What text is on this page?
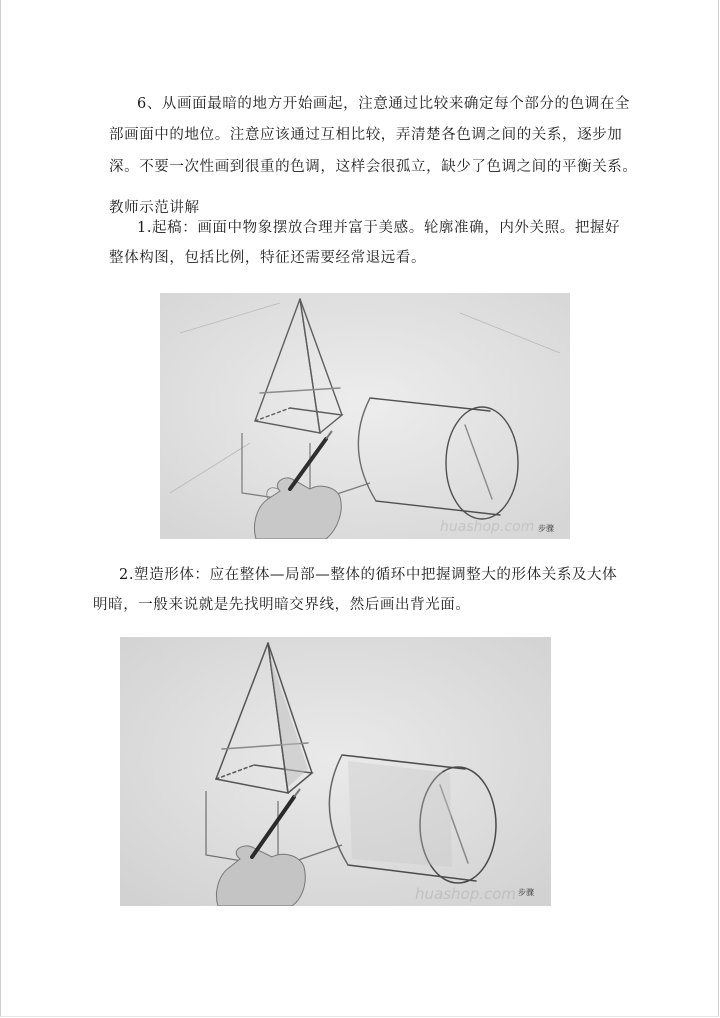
6、从画面最暗的地方开始画起，注意通过比较来确定每个部分的色调在全

部画面中的地位。注意应该通过互相比较，弄清楚各色调之间的关系，逐步加

深。不要一次性画到很重的色调，这样会很孤立，缺少了色调之间的平衡关系。

教师示范讲解

1.起稿：画面中物象摆放合理并富于美感。轮廓准确，内外关照。把握好

整体构图，包括比例，特征还需要经常退远看。

huashop.com 步骤

2.塑造形体：应在整体—局部—整体的循环中把握调整大的形体关系及大体

明暗，一般来说就是先找明暗交界线，然后画出背光面。

huashop.com 步骤
